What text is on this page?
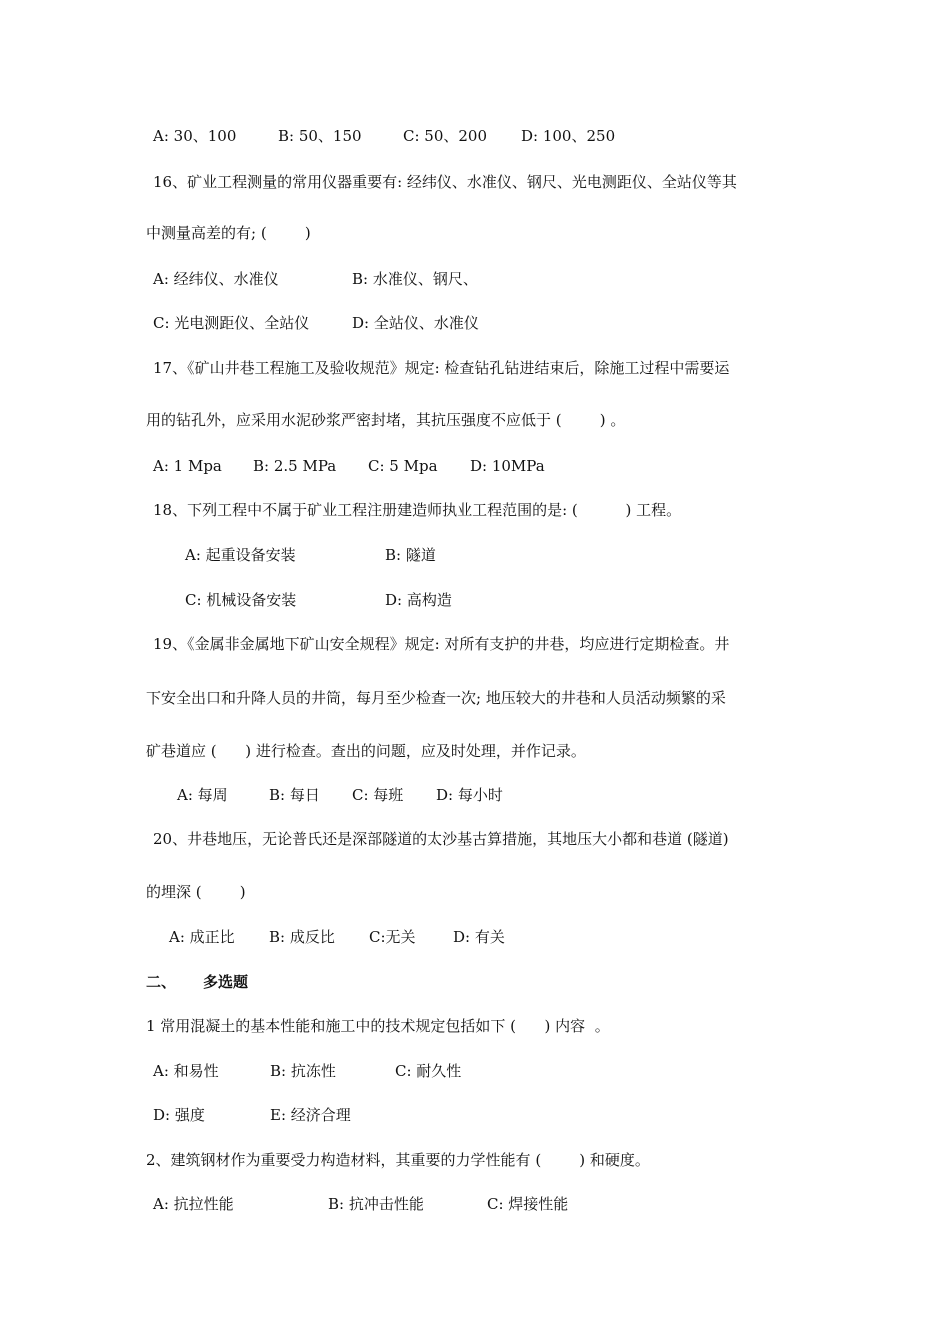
A: 30、100	B: 50、150	C: 50、200 D: 100、250
16、矿业工程测量的常用仪器重要有: 经纬仪、水准仪、钢尺、光电测距仪、全站仪等其
中测量高差的有; (        )
A: 经纬仪、水准仪	B: 水准仪、钢尺、
C: 光电测距仪、全站仪	D: 全站仪、水准仪
17、《矿山井巷工程施工及验收规范》规定: 检查钻孔钻进结束后，除施工过程中需要运
用的钻孔外，应采用水泥砂浆严密封堵，其抗压强度不应低于 (        ) 。
A: 1 Mpa B: 2.5 MPa C: 5 Mpa D: 10MPa
18、下列工程中不属于矿业工程注册建造师执业工程范围的是: (          ) 工程。
A: 起重设备安装	B: 隧道
C: 机械设备安装	D: 高构造
19、《金属非金属地下矿山安全规程》规定: 对所有支护的井巷，均应进行定期检查。井
下安全出口和升降人员的井筒，每月至少检查一次; 地压较大的井巷和人员活动频繁的采
矿巷道应 (      ) 进行检查。查出的问题，应及时处理，并作记录。
A: 每周	B: 每日 C: 每班 D: 每小时
20、井巷地压，无论普氏还是深部隧道的太沙基古算措施，其地压大小都和巷道 (隧道)
的埋深 (        )
A: 成正比 B: 成反比 C:无关 D: 有关
二、 多选题
1 常用混凝土的基本性能和施工中的技术规定包括如下 (      ) 内容  。
A: 和易性	B: 抗冻性	C: 耐久性
D: 强度	E: 经济合理
2、建筑钢材作为重要受力构造材料，其重要的力学性能有 (        ) 和硬度。
A: 抗拉性能	B: 抗冲击性能	C: 焊接性能
